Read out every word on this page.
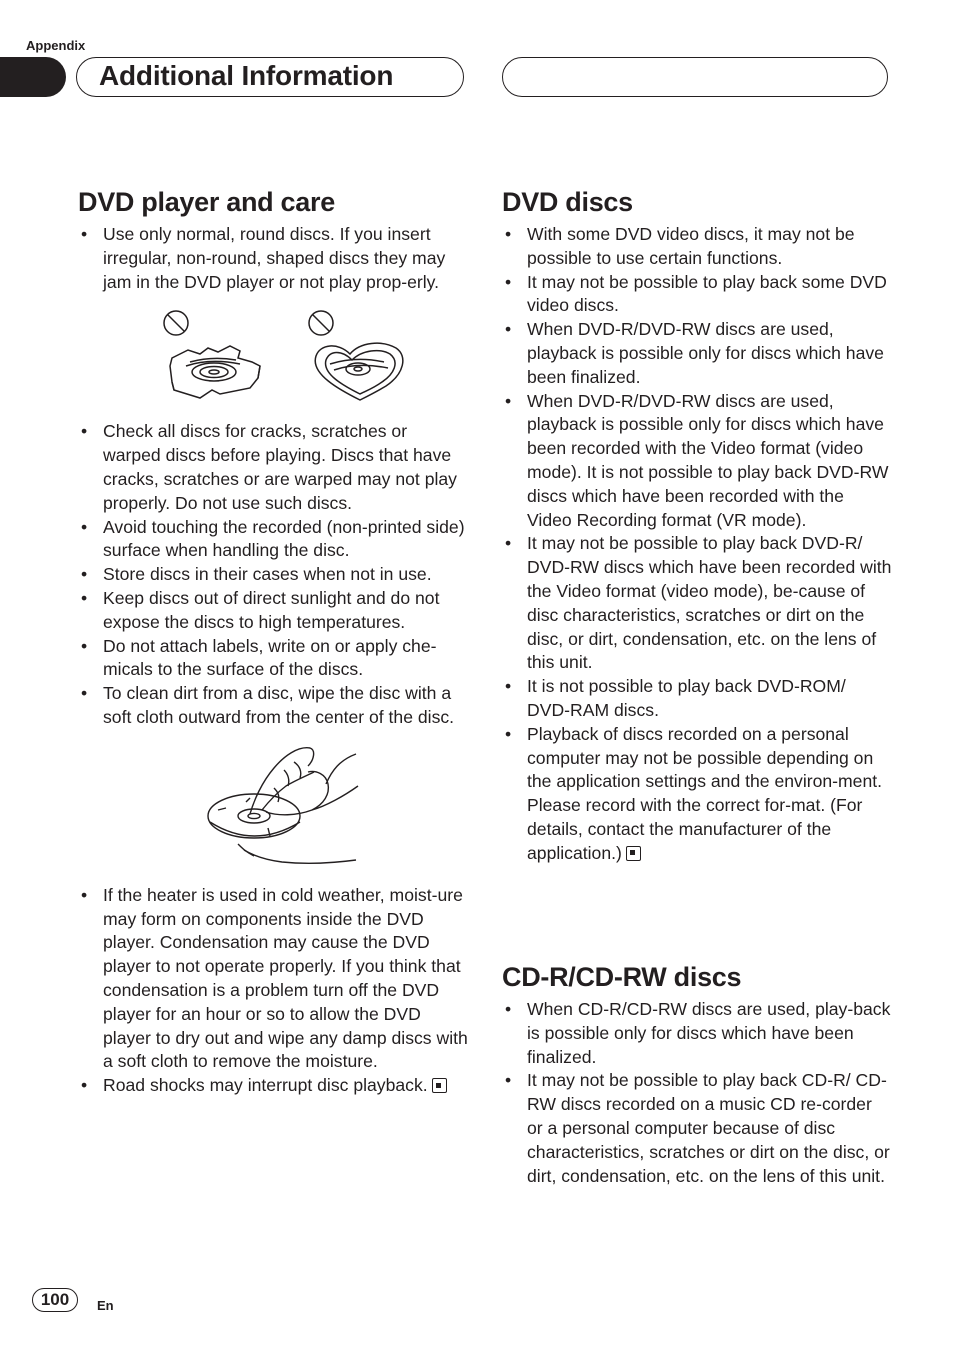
Appendix
Additional Information
DVD player and care
• Use only normal, round discs. If you insert irregular, non-round, shaped discs they may jam in the DVD player or not play prop-erly.
• Check all discs for cracks, scratches or warped discs before playing. Discs that have cracks, scratches or are warped may not play properly. Do not use such discs.
• Avoid touching the recorded (non-printed side) surface when handling the disc.
• Store discs in their cases when not in use.
• Keep discs out of direct sunlight and do not expose the discs to high temperatures.
• Do not attach labels, write on or apply che-micals to the surface of the discs.
• To clean dirt from a disc, wipe the disc with a soft cloth outward from the center of the disc.
• If the heater is used in cold weather, moist-ure may form on components inside the DVD player. Condensation may cause the DVD player to not operate properly. If you think that condensation is a problem turn off the DVD player for an hour or so to allow the DVD player to dry out and wipe any damp discs with a soft cloth to remove the moisture.
• Road shocks may interrupt disc playback.
DVD discs
• With some DVD video discs, it may not be possible to use certain functions.
• It may not be possible to play back some DVD video discs.
• When DVD-R/DVD-RW discs are used, playback is possible only for discs which have been finalized.
• When DVD-R/DVD-RW discs are used, playback is possible only for discs which have been recorded with the Video format (video mode). It is not possible to play back DVD-RW discs which have been recorded with the Video Recording format (VR mode).
• It may not be possible to play back DVD-R/ DVD-RW discs which have been recorded with the Video format (video mode), be-cause of disc characteristics, scratches or dirt on the disc, or dirt, condensation, etc. on the lens of this unit.
• It is not possible to play back DVD-ROM/ DVD-RAM discs.
• Playback of discs recorded on a personal computer may not be possible depending on the application settings and the environ-ment. Please record with the correct for-mat. (For details, contact the manufacturer of the application.)
CD-R/CD-RW discs
• When CD-R/CD-RW discs are used, play-back is possible only for discs which have been finalized.
• It may not be possible to play back CD-R/ CD-RW discs recorded on a music CD re-corder or a personal computer because of disc characteristics, scratches or dirt on the disc, or dirt, condensation, etc. on the lens of this unit.
100	En
